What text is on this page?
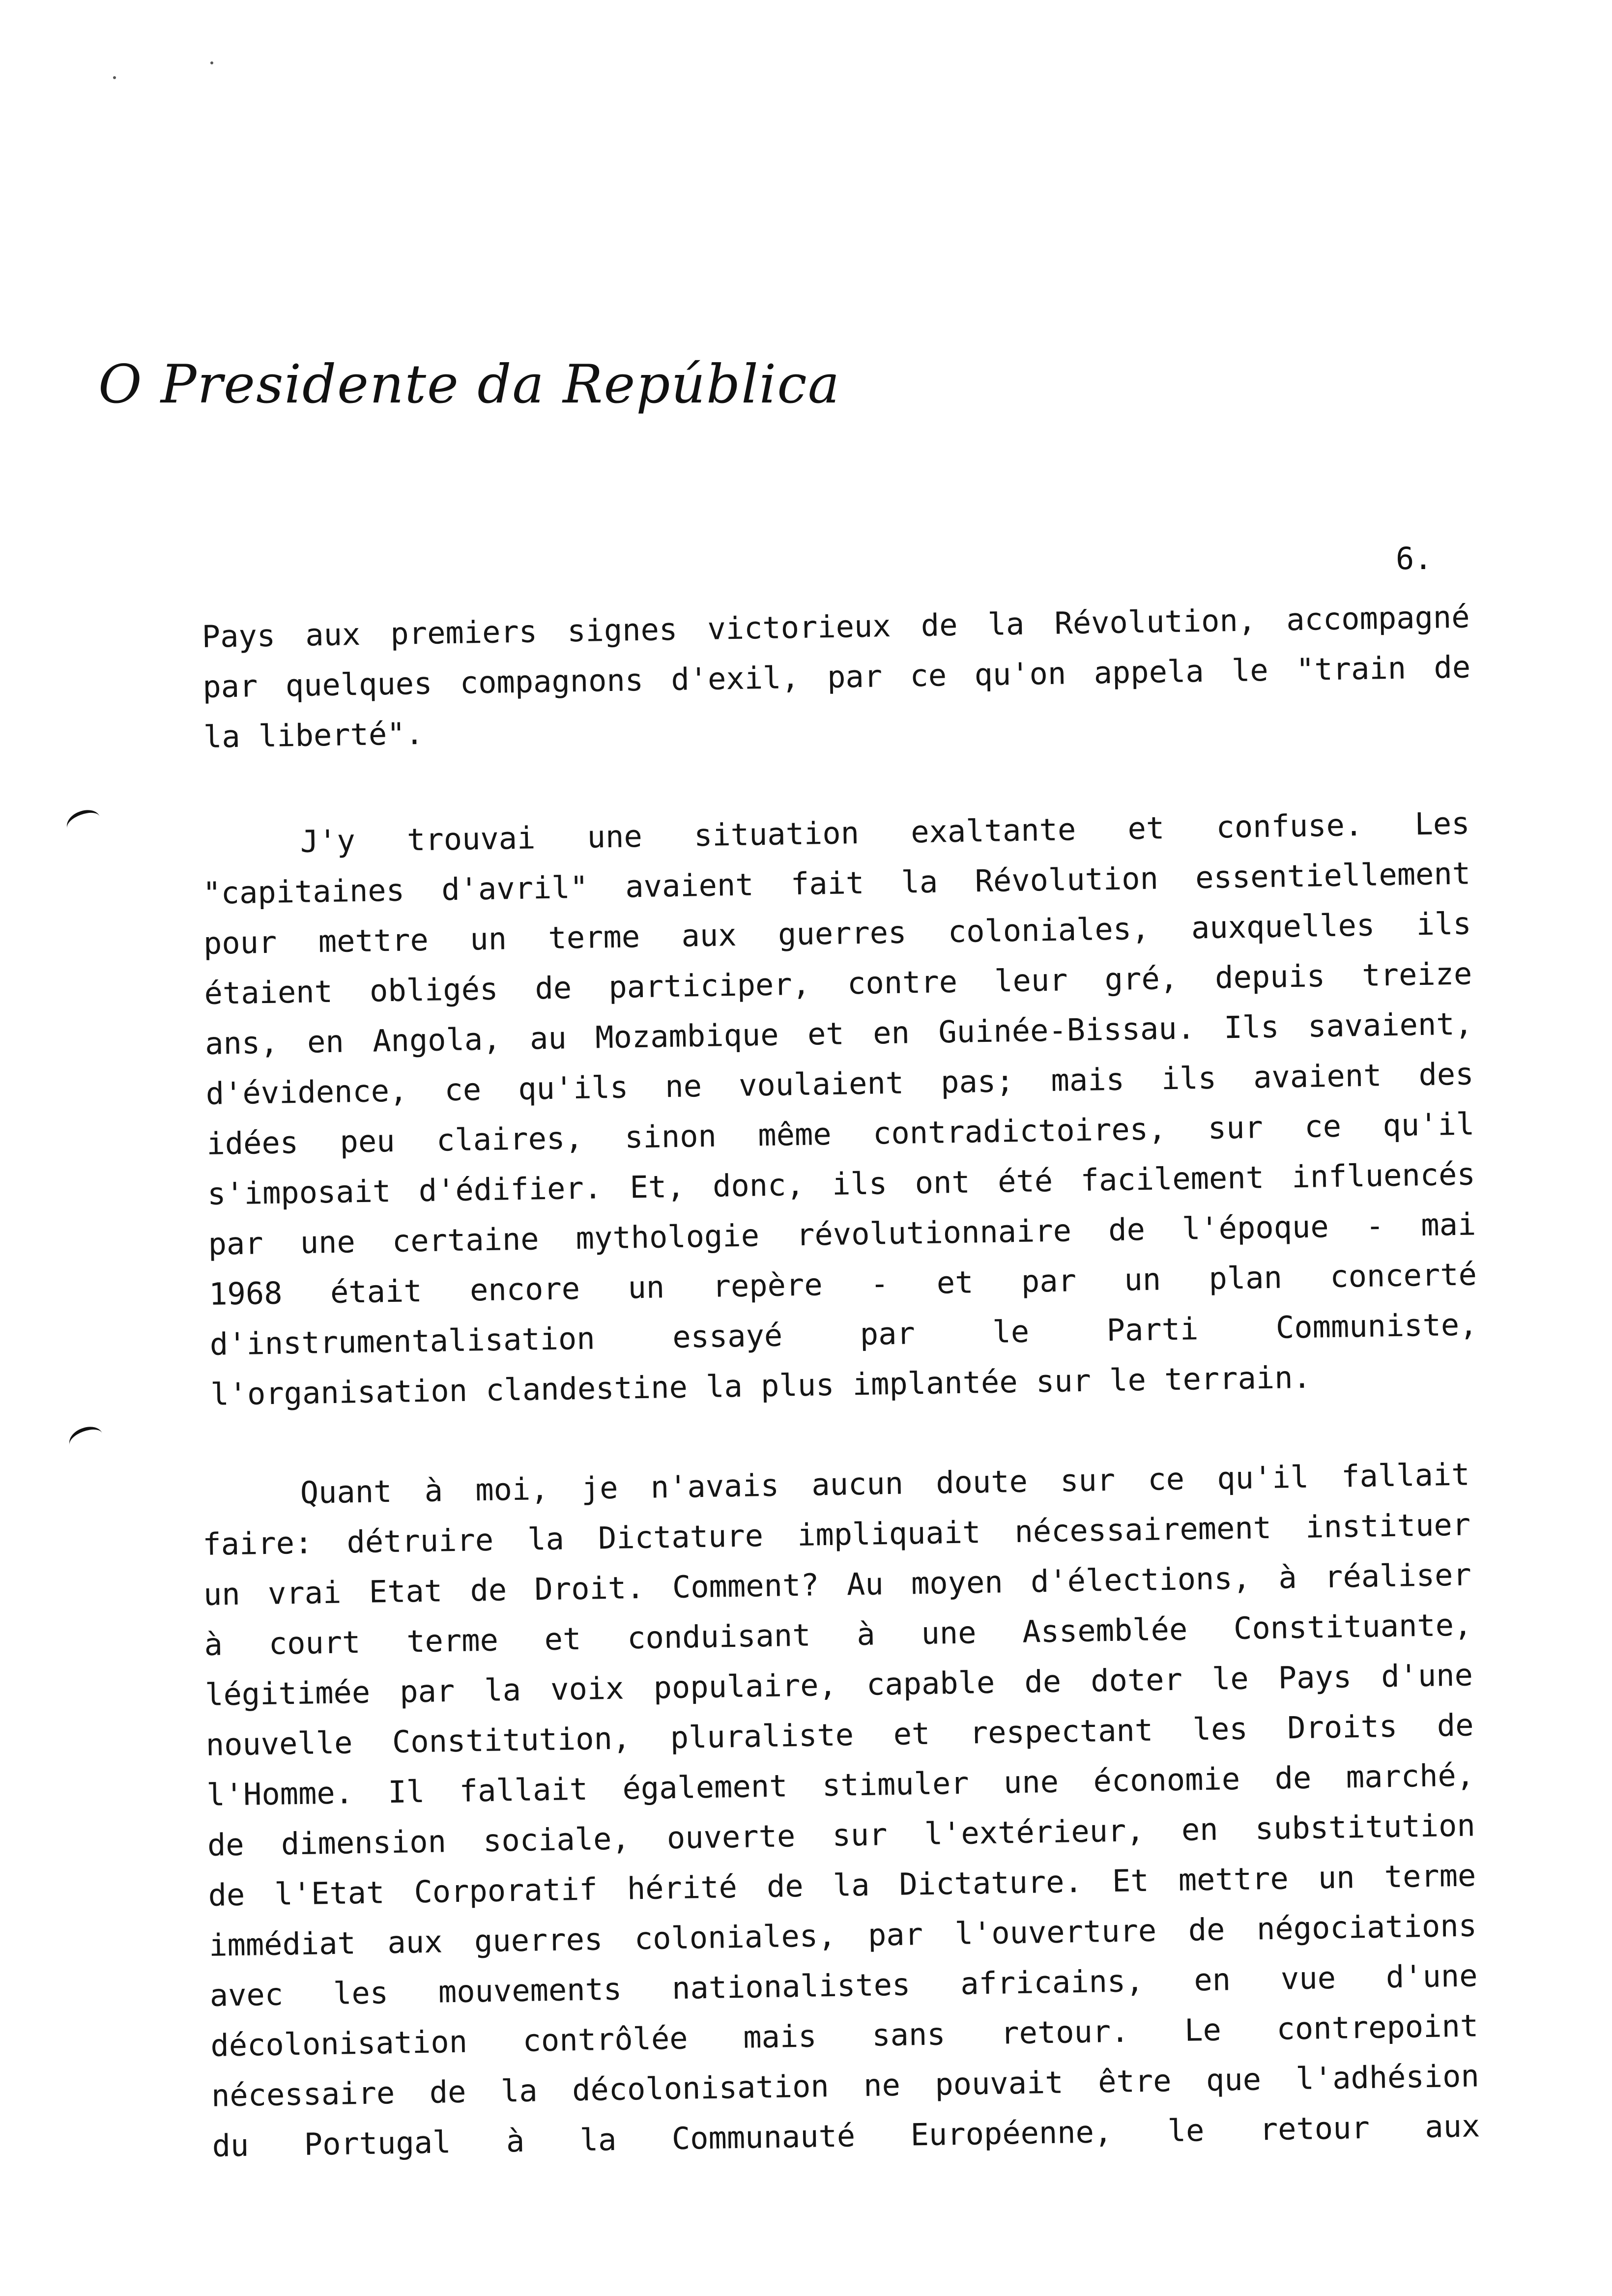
O Presidente da República
6.
Pays aux premiers signes victorieux de la Révolution, accompagné
par quelques compagnons d'exil, par ce qu'on appela le "train de
la liberté".
J'y trouvai une situation exaltante et confuse. Les
"capitaines d'avril" avaient fait la Révolution essentiellement
pour mettre un terme aux guerres coloniales, auxquelles ils
étaient obligés de participer, contre leur gré, depuis treize
ans, en Angola, au Mozambique et en Guinée-Bissau. Ils savaient,
d'évidence, ce qu'ils ne voulaient pas; mais ils avaient des
idées peu claires, sinon même contradictoires, sur ce qu'il
s'imposait d'édifier. Et, donc, ils ont été facilement influencés
par une certaine mythologie révolutionnaire de l'époque - mai
1968 était encore un repère - et par un plan concerté
d'instrumentalisation essayé par le Parti Communiste,
l'organisation clandestine la plus implantée sur le terrain.
Quant à moi, je n'avais aucun doute sur ce qu'il fallait
faire: détruire la Dictature impliquait nécessairement instituer
un vrai Etat de Droit. Comment? Au moyen d'élections, à réaliser
à court terme et conduisant à une Assemblée Constituante,
légitimée par la voix populaire, capable de doter le Pays d'une
nouvelle Constitution, pluraliste et respectant les Droits de
l'Homme. Il fallait également stimuler une économie de marché,
de dimension sociale, ouverte sur l'extérieur, en substitution
de l'Etat Corporatif hérité de la Dictature. Et mettre un terme
immédiat aux guerres coloniales, par l'ouverture de négociations
avec les mouvements nationalistes africains, en vue d'une
décolonisation contrôlée mais sans retour. Le contrepoint
nécessaire de la décolonisation ne pouvait être que l'adhésion
du Portugal à la Communauté Européenne, le retour aux
